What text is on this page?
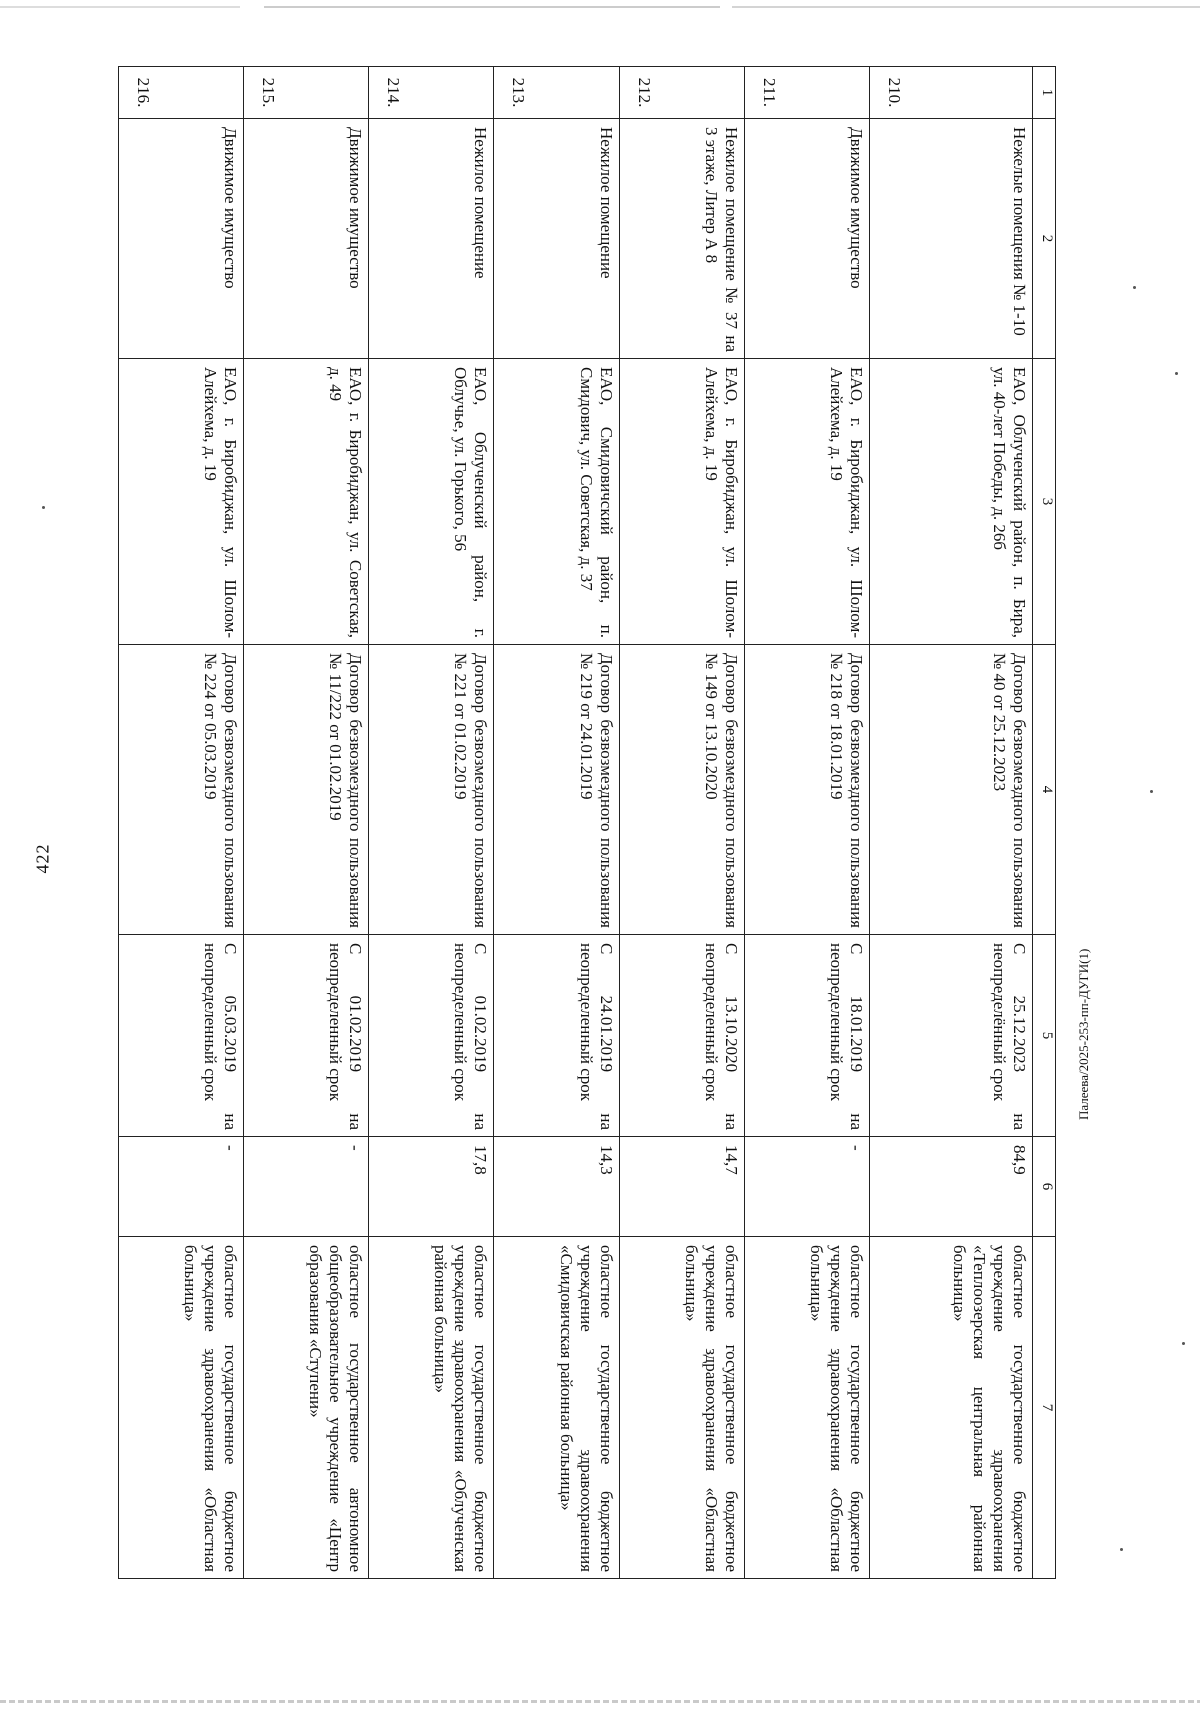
422
1	2	3	4	5	6	7

210.	Нежелые помещения № 1-10	ЕАО, Облученский район, п. Бира, ул. 40-лет Победы, д. 26б	Договор безвозмездного пользования № 40 от 25.12.2023	С 25.12.2023 на неопределённый срок	84,9	областное государственное бюджетное учреждение здравоохранения «Теплоозерская центральная районная больница»

211.	Движимое имущество	ЕАО, г. Биробиджан, ул. Шолом-Алейхема, д. 19	Договор безвозмездного пользования № 218 от 18.01.2019	С 18.01.2019 на неопределенный срок	-	областное государственное бюджетное учреждение здравоохранения «Областная больница»

212.	Нежилое помещение № 37 на 3 этаже, Литер А 8	ЕАО, г. Биробиджан, ул. Шолом-Алейхема, д. 19	Договор безвозмездного пользования № 149 от 13.10.2020	С 13.10.2020 на неопределенный срок	14,7	областное государственное бюджетное учреждение здравоохранения «Областная больница»

213.	Нежилое помещение	ЕАО, Смидовичский район, п. Смидович, ул. Советская, д. 37	Договор безвозмездного пользования № 219 от 24.01.2019	С 24.01.2019 на неопределенный срок	14,3	областное государственное бюджетное учреждение здравоохранения «Смидовичская районная больница»

214.	Нежилое помещение	ЕАО, Облученский район, г. Облучье, ул. Горького, 56	Договор безвозмездного пользования № 221 от 01.02.2019	С 01.02.2019 на неопределенный срок	17,8	областное государственное бюджетное учреждение здравоохранения «Облученская районная больница»

215.	Движимое имущество	ЕАО, г. Биробиджан, ул. Советская, д. 49	Договор безвозмездного пользования № 11/222 от 01.02.2019	С 01.02.2019 на неопределенный срок	-	областное государственное автономное общеобразовательное учреждение «Центр образования «Ступени»

216.	Движимое имущество	ЕАО, г. Биробиджан, ул. Шолом-Алейхема, д. 19	Договор безвозмездного пользования № 224 от 05.03.2019	С 05.03.2019 на неопределенный срок	-	областное государственное бюджетное учреждение здравоохранения «Областная больница»
Палеева/2025-253-пп-ДУГИ(1)
